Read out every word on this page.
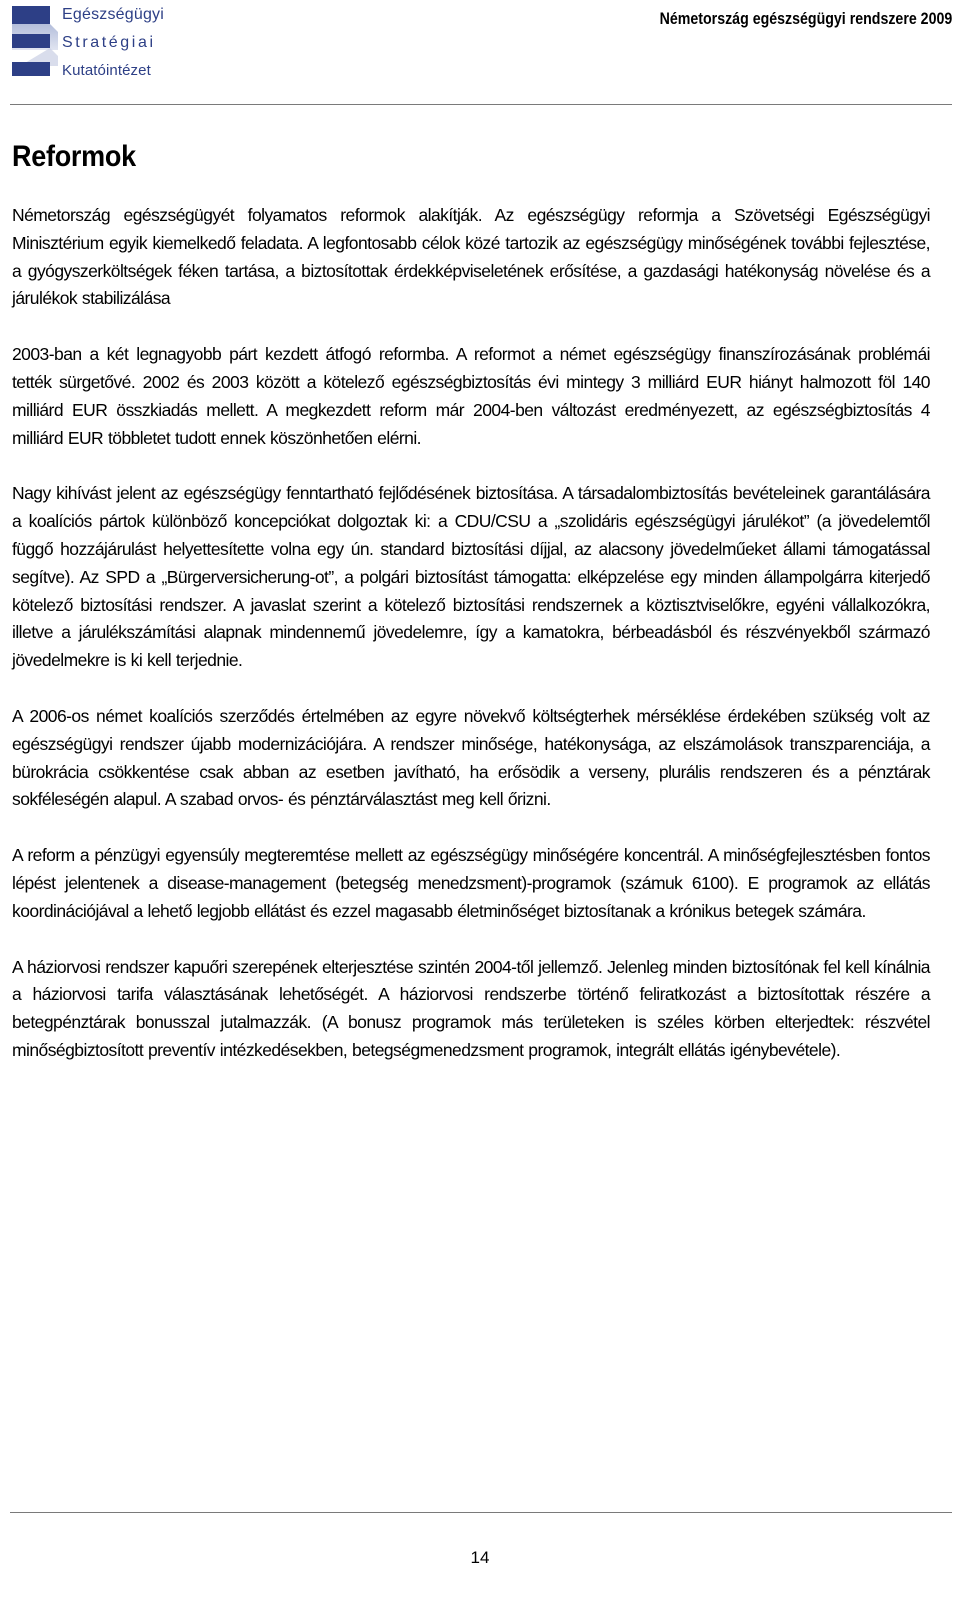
Egészségügyi
Stratégiai
Kutatóintézet
Németország egészségügyi rendszere 2009
Reformok

Németország egészségügyét folyamatos reformok alakítják. Az egészségügy reformja a Szövetségi Egészségügyi Minisztérium egyik kiemelkedő feladata. A legfontosabb célok közé tartozik az egészségügy minőségének további fejlesztése, a gyógyszerköltségek féken tartása, a biztosítottak érdekképviseletének erősítése, a gazdasági hatékonyság növelése és a járulékok stabilizálása

2003-ban a két legnagyobb párt kezdett átfogó reformba. A reformot a német egészségügy finanszírozásának problémái tették sürgetővé. 2002 és 2003 között a kötelező egészségbiztosítás évi mintegy 3 milliárd EUR hiányt halmozott föl 140 milliárd EUR összkiadás mellett. A megkezdett reform már 2004-ben változást eredményezett, az egészségbiztosítás 4 milliárd EUR többletet tudott ennek köszönhetően elérni.

Nagy kihívást jelent az egészségügy fenntartható fejlődésének biztosítása. A társadalombiztosítás bevételeinek garantálására a koalíciós pártok különböző koncepciókat dolgoztak ki: a CDU/CSU a „szolidáris egészségügyi járulékot” (a jövedelemtől függő hozzájárulást helyettesítette volna egy ún. standard biztosítási díjjal, az alacsony jövedelműeket állami támogatással segítve). Az SPD a „Bürgerversicherung-ot”, a polgári biztosítást támogatta: elképzelése egy minden állampolgárra kiterjedő kötelező biztosítási rendszer. A javaslat szerint a kötelező biztosítási rendszernek a köztisztviselőkre, egyéni vállalkozókra, illetve a járulékszámítási alapnak mindennemű jövedelemre, így a kamatokra, bérbeadásból és részvényekből származó jövedelmekre is ki kell terjednie.

A 2006-os német koalíciós szerződés értelmében az egyre növekvő költségterhek mérséklése érdekében szükség volt az egészségügyi rendszer újabb modernizációjára. A rendszer minősége, hatékonysága, az elszámolások transzparenciája, a bürokrácia csökkentése csak abban az esetben javítható, ha erősödik a verseny, plurális rendszeren és a pénztárak sokféleségén alapul. A szabad orvos- és pénztárválasztást meg kell őrizni.

A reform a pénzügyi egyensúly megteremtése mellett az egészségügy minőségére koncentrál. A minőségfejlesztésben fontos lépést jelentenek a disease-management (betegség menedzsment)-programok (számuk 6100). E programok az ellátás koordinációjával a lehető legjobb ellátást és ezzel magasabb életminőséget biztosítanak a krónikus betegek számára.

A háziorvosi rendszer kapuőri szerepének elterjesztése szintén 2004-től jellemző. Jelenleg minden biztosítónak fel kell kínálnia a háziorvosi tarifa választásának lehetőségét. A háziorvosi rendszerbe történő feliratkozást a biztosítottak részére a betegpénztárak bonusszal jutalmazzák. (A bonusz programok más területeken is széles körben elterjedtek: részvétel minőségbiztosított preventív intézkedésekben, betegségmenedzsment programok, integrált ellátás igénybevétele).

14
